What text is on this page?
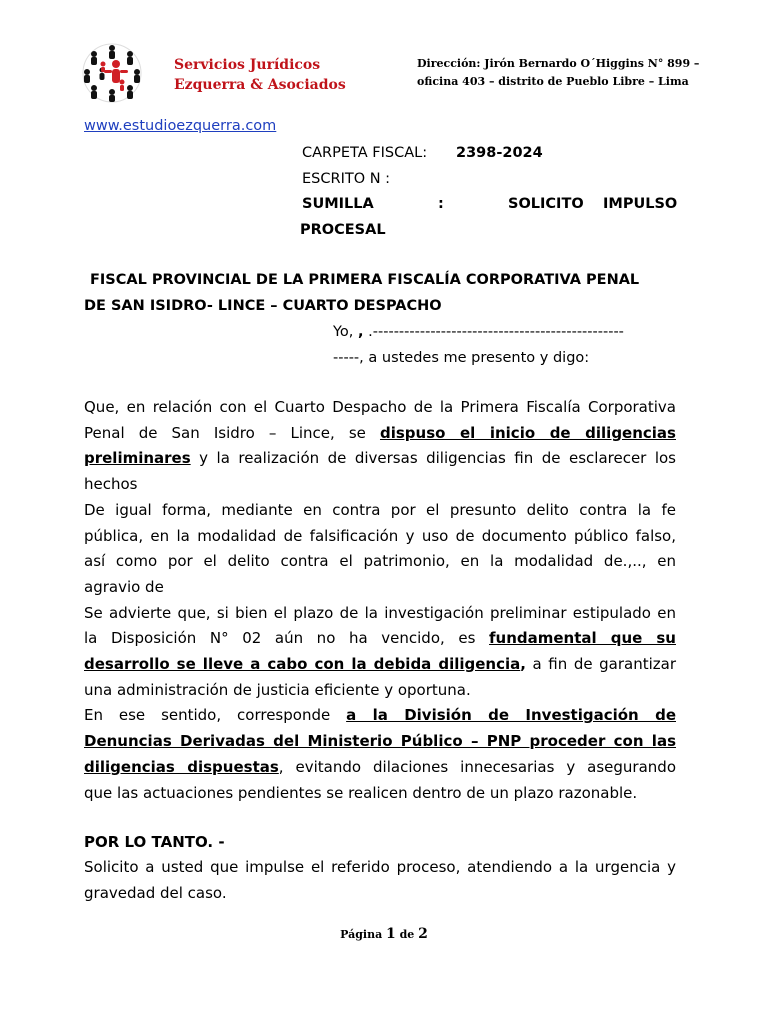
Servicios Jurídicos
Ezquerra & Asociados
Dirección: Jirón Bernardo O´Higgins N° 899 –
oficina 403 – distrito de Pueblo Libre – Lima
www.estudioezquerra.com
CARPETA FISCAL: 2398-2024
ESCRITO N :
SUMILLA	:	SOLICITO IMPULSO
PROCESAL
FISCAL PROVINCIAL DE LA PRIMERA FISCALÍA CORPORATIVA PENAL
DE SAN ISIDRO- LINCE – CUARTO DESPACHO
Yo, , .------------------------------------------------
-----, a ustedes me presento y digo:
Que, en relación con el Cuarto Despacho de la Primera Fiscalía Corporativa
Penal de San Isidro – Lince, se dispuso el inicio de diligencias
preliminares y la realización de diversas diligencias fin de esclarecer los
hechos
De igual forma, mediante en contra por el presunto delito contra la fe
pública, en la modalidad de falsificación y uso de documento público falso,
así como por el delito contra el patrimonio, en la modalidad de.,.., en
agravio de
Se advierte que, si bien el plazo de la investigación preliminar estipulado en
la Disposición N° 02 aún no ha vencido, es fundamental que su
desarrollo se lleve a cabo con la debida diligencia, a fin de garantizar
una administración de justicia eficiente y oportuna.
En ese sentido, corresponde a la División de Investigación de
Denuncias Derivadas del Ministerio Público – PNP proceder con las
diligencias dispuestas, evitando dilaciones innecesarias y asegurando
que las actuaciones pendientes se realicen dentro de un plazo razonable.
POR LO TANTO. -
Solicito a usted que impulse el referido proceso, atendiendo a la urgencia y
gravedad del caso.
Página 1 de 2
